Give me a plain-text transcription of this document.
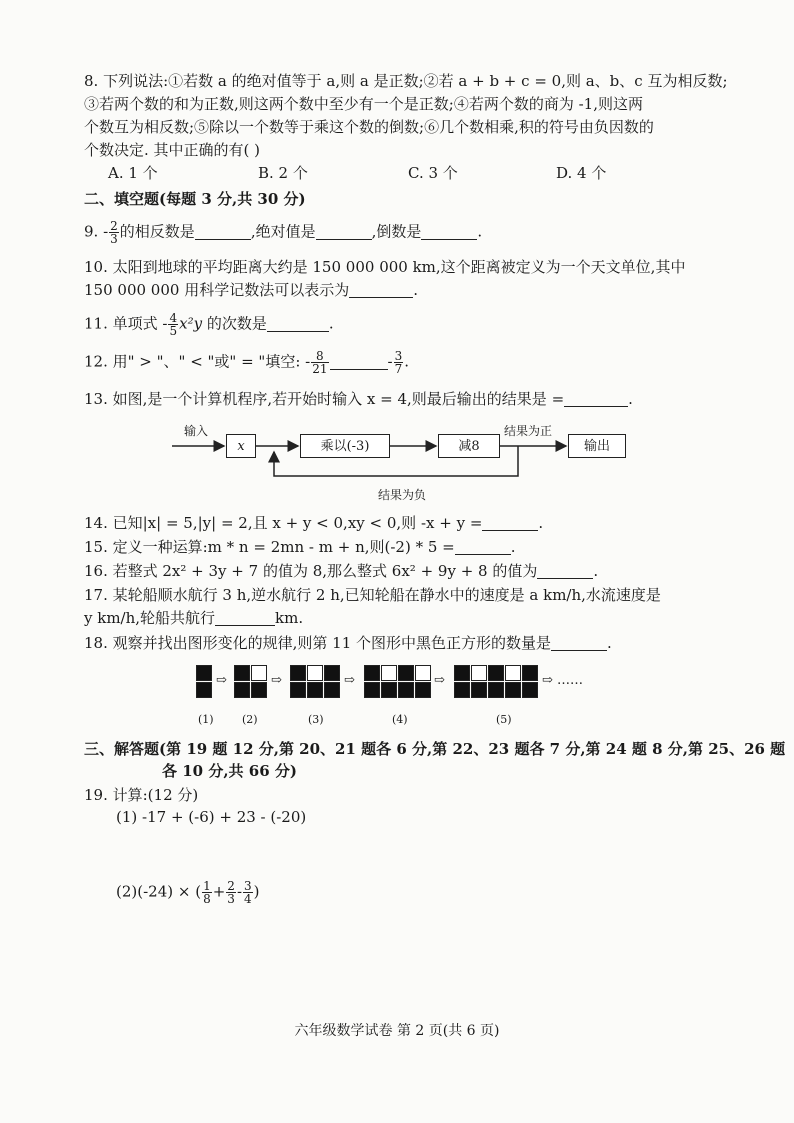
8. 下列说法:①若数 a 的绝对值等于 a,则 a 是正数;②若 a + b + c = 0,则 a、b、c 互为相反数;
③若两个数的和为正数,则这两个数中至少有一个是正数;④若两个数的商为 -1,则这两
个数互为相反数;⑤除以一个数等于乘这个数的倒数;⑥几个数相乘,积的符号由负因数的
个数决定. 其中正确的有( )
A. 1 个	B. 2 个	C. 3 个	D. 4 个
二、填空题(每题 3 分,共 30 分)
9. - $\frac{2}{3}$ 的相反数是	,绝对值是	,倒数是	.
10. 太阳到地球的平均距离大约是 150 000 000 km,这个距离被定义为一个天文单位,其中
150 000 000 用科学记数法可以表示为	.
11. 单项式 - $\frac{4}{5} x^2y$ 的次数是	.
12. 用" > "、" < "或" = "填空: - $\frac{8}{21}$	- $\frac{3}{7}$ .
13. 如图,是一个计算机程序,若开始时输入 x = 4,则最后输出的结果是 =	.
输入
x	乘以(-3)	减8
结果为正
输出
结果为负
14. 已知|x| = 5,|y| = 2,且 x + y < 0,xy < 0,则 -x + y =	.
15. 定义一种运算:m * n = 2mn - m + n,则(-2) * 5 =	.
16. 若整式 2x² + 3y + 7 的值为 8,那么整式 6x² + 9y + 8 的值为	.
17. 某轮船顺水航行 3 h,逆水航行 2 h,已知轮船在静水中的速度是 a km/h,水流速度是
y km/h,轮船共航行	km.
18. 观察并找出图形变化的规律,则第 11 个图形中黑色正方形的数量是	.
⇨	⇨	⇨	⇨	⇨ ……
(1)	(2)	(3)	(4)	(5)
三、解答题(第 19 题 12 分,第 20、21 题各 6 分,第 22、23 题各 7 分,第 24 题 8 分,第 25、26 题
各 10 分,共 66 分)
19. 计算:(12 分)
(1) -17 + (-6) + 23 - (-20)
(2)(-24) × ( $\frac{1}{8} + \frac{2}{3} - \frac{3}{4}$ )
六年级数学试卷 第 2 页(共 6 页)
